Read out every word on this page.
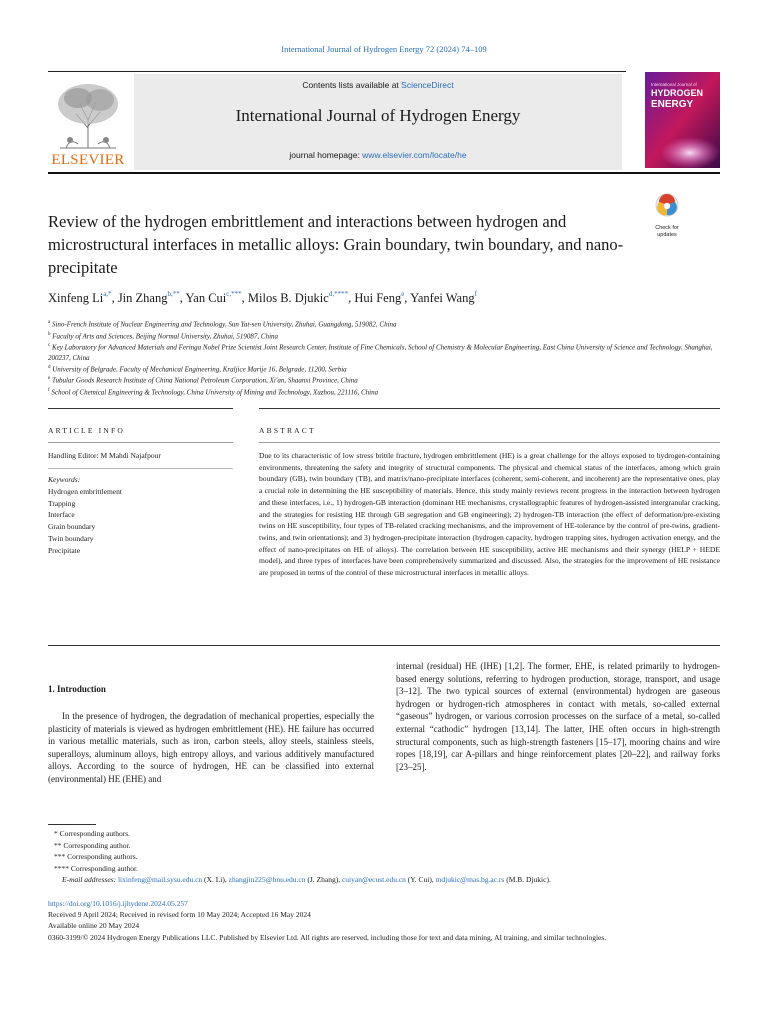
International Journal of Hydrogen Energy 72 (2024) 74–109
ELSEVIER
Contents lists available at ScienceDirect
International Journal of Hydrogen Energy
journal homepage: www.elsevier.com/locate/he
International Journal of
HYDROGEN
ENERGY
Review of the hydrogen embrittlement and interactions between hydrogen and microstructural interfaces in metallic alloys: Grain boundary, twin boundary, and nano-precipitate
Check for
updates
Xinfeng $Li^{a,*}$, Jin Zhang$^{b,**}$, Yan Cui$^{c,***}$, Milos B. Djukic$^{d,****}$, Hui Feng$^e$, Yanfei Wang$^f$
$^a$ Sino-French Institute of Nuclear Engineering and Technology, Sun Yat-sen University, Zhuhai, Guangdong, 519082, China
$^b$ Faculty of Arts and Sciences, Beijing Normal University, Zhuhai, 519087, China
$^c$ Key Laboratory for Advanced Materials and Feringa Nobel Prize Scientist Joint Research Center, Institute of Fine Chemicals, School of Chemistry & Molecular Engineering, East China University of Science and Technology, Shanghai, 200237, China
$^d$ University of Belgrade, Faculty of Mechanical Engineering, Kraljice Marije 16, Belgrade, 11200, Serbia
$^e$ Tubular Goods Research Institute of China National Petroleum Corporation, Xi'an, Shaanxi Province, China
$^f$ School of Chemical Engineering & Technology, China University of Mining and Technology, Xuzhou, 221116, China
ARTICLE INFO	ABSTRACT
Handling Editor: M Mahdi Najafpour
Keywords:
Hydrogen embrittlement
Trapping
Interface
Grain boundary
Twin boundary
Precipitate
Due to its characteristic of low stress brittle fracture, hydrogen embrittlement (HE) is a great challenge for the alloys exposed to hydrogen-containing environments, threatening the safety and integrity of structural components. The physical and chemical status of the interfaces, among which grain boundary (GB), twin boundary (TB), and matrix/nano-precipitate interfaces (coherent, semi-coherent, and incoherent) are the representative ones, play a crucial role in determining the HE susceptibility of materials. Hence, this study mainly reviews recent progress in the interaction between hydrogen and these interfaces, i.e., 1) hydrogen-GB interaction (dominant HE mechanisms, crystallographic features of hydrogen-assisted intergranular cracking, and the strategies for resisting HE through GB segregation and GB engineering); 2) hydrogen-TB interaction (the effect of deformation/pre-existing twins on HE susceptibility, four types of TB-related cracking mechanisms, and the improvement of HE-tolerance by the control of pre-twins, gradient-twins, and twin orientations); and 3) hydrogen-precipitate interaction (hydrogen capacity, hydrogen trapping sites, hydrogen activation energy, and the effect of nano-precipitates on HE of alloys). The correlation between HE susceptibility, active HE mechanisms and their synergy (HELP + HEDE model), and three types of interfaces have been comprehensively summarized and discussed. Also, the strategies for the improvement of HE resistance are proposed in terms of the control of these microstructural interfaces in metallic alloys.
1. Introduction
In the presence of hydrogen, the degradation of mechanical properties, especially the plasticity of materials is viewed as hydrogen embrittlement (HE). HE failure has occurred in various metallic materials, such as iron, carbon steels, alloy steels, stainless steels, superalloys, aluminum alloys, high entropy alloys, and various additively manufactured alloys. According to the source of hydrogen, HE can be classified into external (environmental) HE (EHE) and
internal (residual) HE (IHE) [1,2]. The former, EHE, is related primarily to hydrogen-based energy solutions, referring to hydrogen production, storage, transport, and usage [3–12]. The two typical sources of external (environmental) hydrogen are gaseous hydrogen or hydrogen-rich atmospheres in contact with metals, so-called external “gaseous” hydrogen, or various corrosion processes on the surface of a metal, so-called external “cathodic” hydrogen [13,14]. The latter, IHE often occurs in high-strength structural components, such as high-strength fasteners [15–17], mooring chains and wire ropes [18,19], car A-pillars and hinge reinforcement plates [20–22], and railway forks [23–25].
* Corresponding authors.
** Corresponding author.
*** Corresponding authors.
**** Corresponding author.
E-mail addresses: lixinfeng@mail.sysu.edu.cn (X. Li), zhangjin225@bnu.edu.cn (J. Zhang), cuiyan@ecust.edu.cn (Y. Cui), mdjukic@mas.bg.ac.rs (M.B. Djukic).
https://doi.org/10.1016/j.ijhydene.2024.05.257
Received 9 April 2024; Received in revised form 10 May 2024; Accepted 16 May 2024
Available online 20 May 2024
0360-3199/© 2024 Hydrogen Energy Publications LLC. Published by Elsevier Ltd. All rights are reserved, including those for text and data mining, AI training, and similar technologies.
